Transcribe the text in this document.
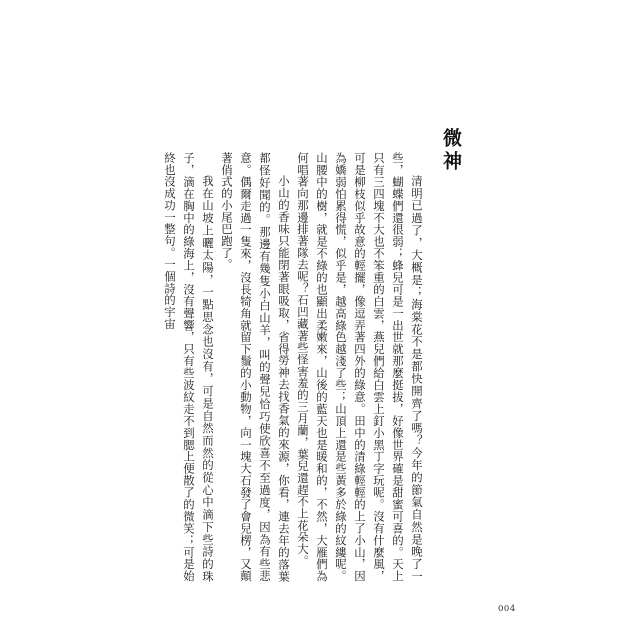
微神

清明已過了，大概是；海棠花不是都快開齊了嗎？今年的節氣自然是晚了一些，蝴蝶們還很弱；蜂兒可是一出世就那麼挺拔，好像世界確是甜蜜可喜的。天上只有三四塊不大也不笨重的白雲，燕兒們給白雲上釘小黑丁字玩呢。沒有什麼風，可是柳枝似乎故意的輕擺，像逗弄著四外的綠意。田中的清綠輕輕的上了小山，因為嬌弱怕累得慌，似乎是，越高綠色越淺了些；山頂上還是些黃多於綠的紋縷呢。山腰中的樹，就是不綠的也顯出柔嫩來，山後的藍天也是暖和的，不然，大雁們為何唱著向那邊排著隊去呢？石凹藏著些怪害羞的三月蘭，葉兒還趕不上花朵大。

小山的香味只能閉著眼吸取，省得勞神去找香氣的來源，你看，連去年的落葉都怪好聞的。那邊有幾隻小白山羊，叫的聲兒恰巧使欣喜不至過度，因為有些悲意。偶爾走過一隻來，沒長犄角就留下鬚的小動物，向一塊大石發了會兒楞，又顛著俏式的小尾巴跑了。

我在山坡上曬太陽，一點思念也沒有，可是自然而然的從心中滴下些詩的珠子，滴在胸中的綠海上，沒有聲響，只有些波紋走不到腮上便散了的微笑；可是始終也沒成功一整句。一個詩的宇宙

004
